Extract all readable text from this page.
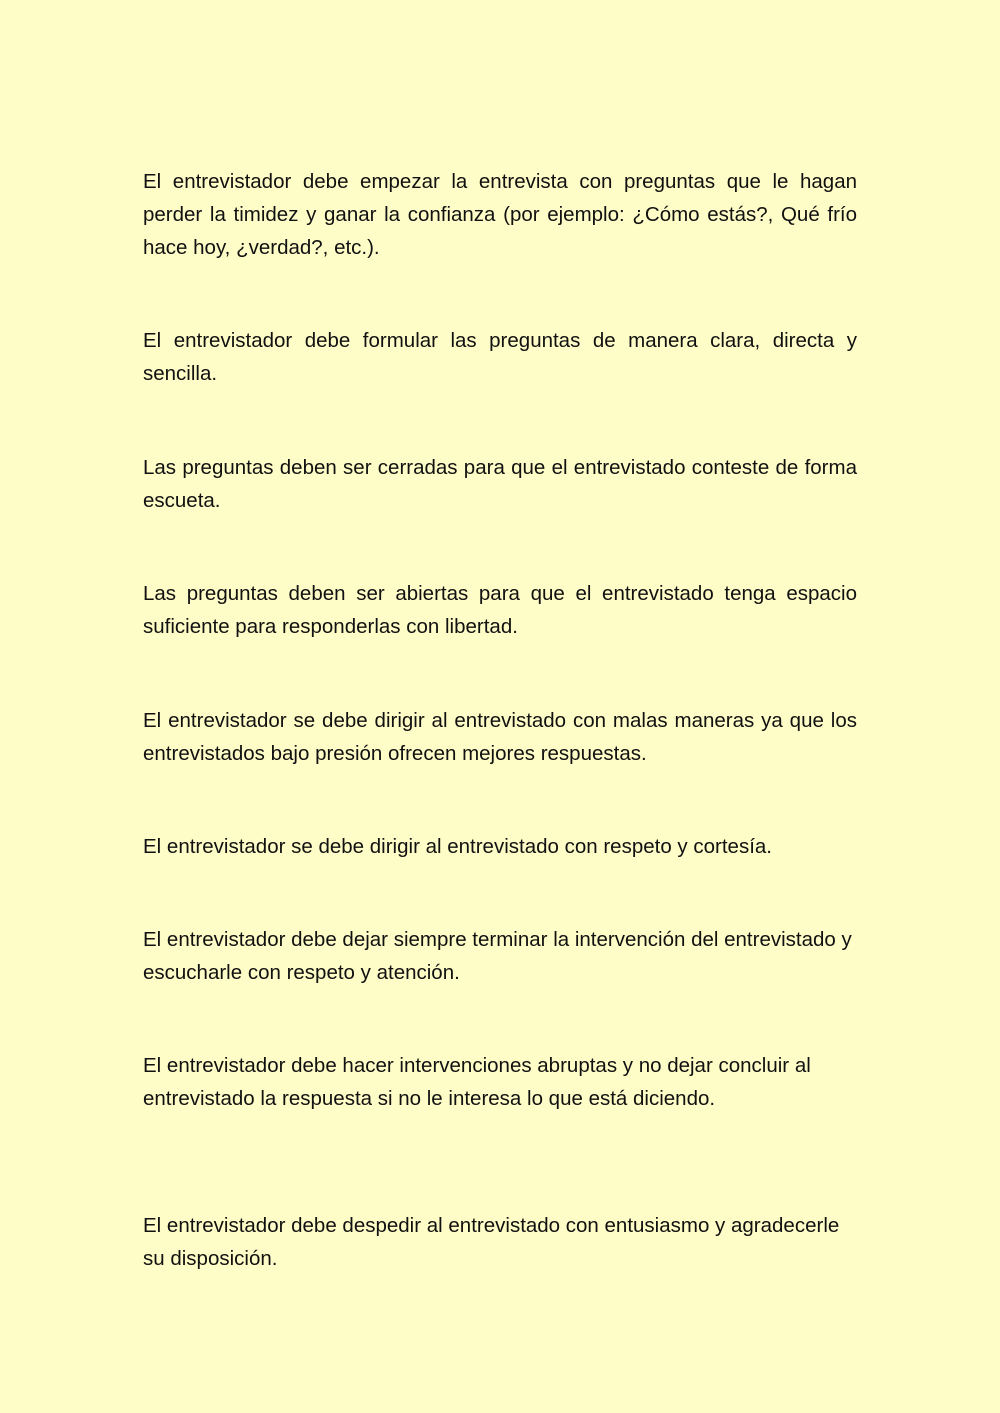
El entrevistador debe empezar la entrevista con preguntas que le hagan perder la timidez y ganar la confianza (por ejemplo: ¿Cómo estás?, Qué frío hace hoy, ¿verdad?, etc.).

El entrevistador debe formular las preguntas de manera clara, directa y sencilla.

Las preguntas deben ser cerradas para que el entrevistado conteste de forma escueta.

Las preguntas deben ser abiertas para que el entrevistado tenga espacio suficiente para responderlas con libertad.

El entrevistador se debe dirigir al entrevistado con malas maneras ya que los entrevistados bajo presión ofrecen mejores respuestas.

El entrevistador se debe dirigir al entrevistado con respeto y cortesía.

El entrevistador debe dejar siempre terminar la intervención del entrevistado y escucharle con respeto y atención.

El entrevistador debe hacer intervenciones abruptas y no dejar concluir al entrevistado la respuesta si no le interesa lo que está diciendo.

El entrevistador debe despedir al entrevistado con entusiasmo y agradecerle su disposición.
